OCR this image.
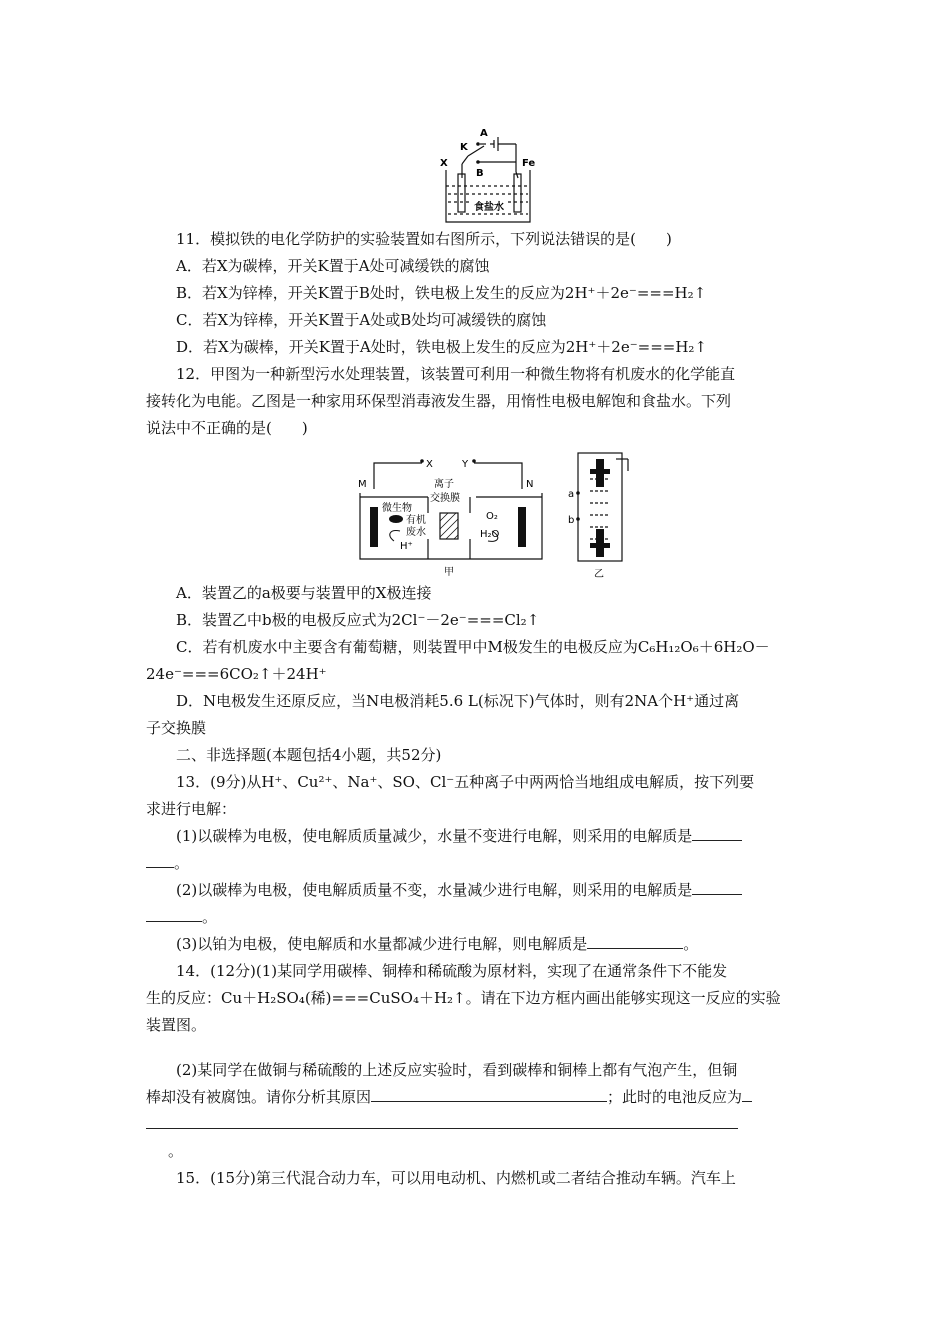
A
K
B
X	Fe
食盐水
X	Y
M	N
离子
交换膜
微生物
有机
废水
H⁺
O₂
H₂O
甲	乙
a
b
11．模拟铁的电化学防护的实验装置如右图所示，下列说法错误的是(　　)
A．若X为碳棒，开关K置于A处可减缓铁的腐蚀
B．若X为锌棒，开关K置于B处时，铁电极上发生的反应为2H⁺＋2e⁻===H₂↑
C．若X为锌棒，开关K置于A处或B处均可减缓铁的腐蚀
D．若X为碳棒，开关K置于A处时，铁电极上发生的反应为2H⁺＋2e⁻===H₂↑
12．甲图为一种新型污水处理装置，该装置可利用一种微生物将有机废水的化学能直
接转化为电能。乙图是一种家用环保型消毒液发生器，用惰性电极电解饱和食盐水。下列
说法中不正确的是(　　)
A．装置乙的a极要与装置甲的X极连接
B．装置乙中b极的电极反应式为2Cl⁻－2e⁻===Cl₂↑
C．若有机废水中主要含有葡萄糖，则装置甲中M极发生的电极反应为C₆H₁₂O₆＋6H₂O－
24e⁻===6CO₂↑＋24H⁺
D．N电极发生还原反应，当N电极消耗5.6 L(标况下)气体时，则有2NA个H⁺通过离
子交换膜
二、非选择题(本题包括4小题，共52分)
13．(9分)从H⁺、Cu²⁺、Na⁺、SO、Cl⁻五种离子中两两恰当地组成电解质，按下列要
求进行电解：
(1)以碳棒为电极，使电解质质量减少，水量不变进行电解，则采用的电解质是
。
(2)以碳棒为电极，使电解质质量不变，水量减少进行电解，则采用的电解质是
。
(3)以铂为电极，使电解质和水量都减少进行电解，则电解质是	。
14．(12分)(1)某同学用碳棒、铜棒和稀硫酸为原材料，实现了在通常条件下不能发
生的反应：Cu＋H₂SO₄(稀)===CuSO₄＋H₂↑。请在下边方框内画出能够实现这一反应的实验
装置图。
(2)某同学在做铜与稀硫酸的上述反应实验时，看到碳棒和铜棒上都有气泡产生，但铜
棒却没有被腐蚀。请你分析其原因	；此时的电池反应为
。
15．(15分)第三代混合动力车，可以用电动机、内燃机或二者结合推动车辆。汽车上
